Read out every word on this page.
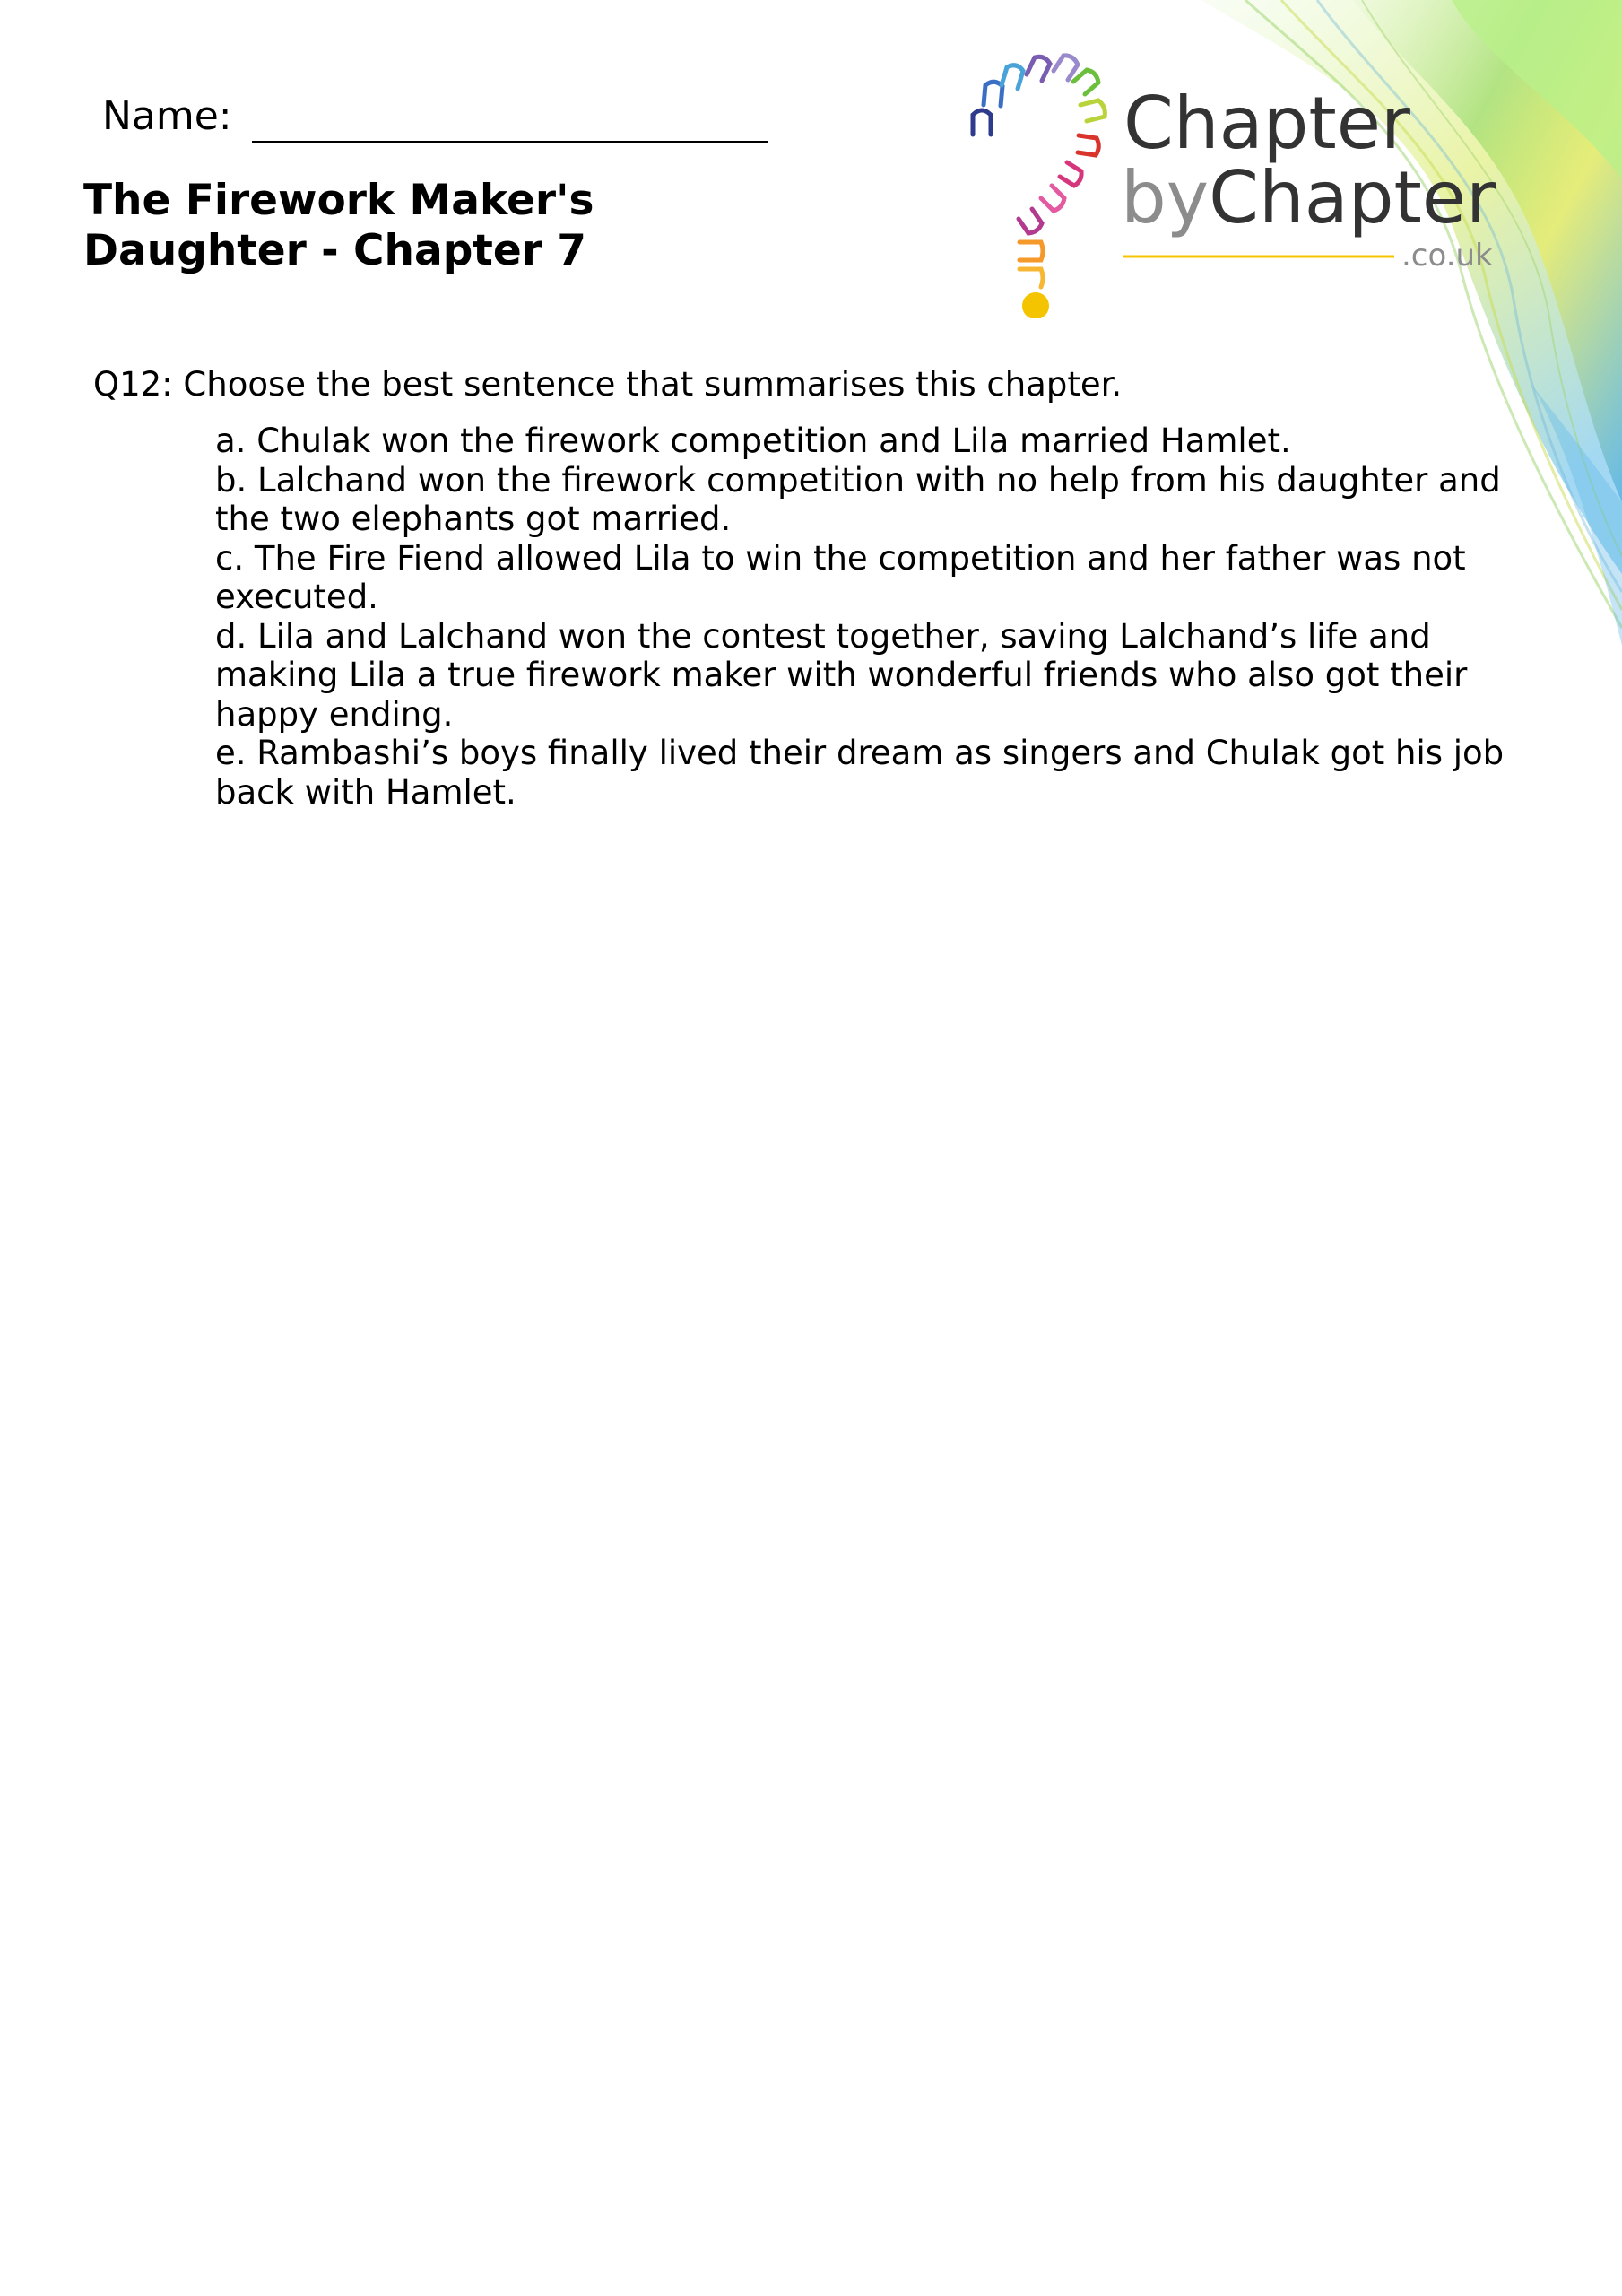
Name:
The Firework Maker's
Daughter - Chapter 7
Chapter
byChapter
.co.uk

Q12: Choose the best sentence that summarises this chapter.

a. Chulak won the firework competition and Lila married Hamlet.

b. Lalchand won the firework competition with no help from his daughter and the two elephants got married.

c. The Fire Fiend allowed Lila to win the competition and her father was not executed.

d. Lila and Lalchand won the contest together, saving Lalchand’s life and making Lila a true firework maker with wonderful friends who also got their happy ending.

e. Rambashi’s boys finally lived their dream as singers and Chulak got his job back with Hamlet.
